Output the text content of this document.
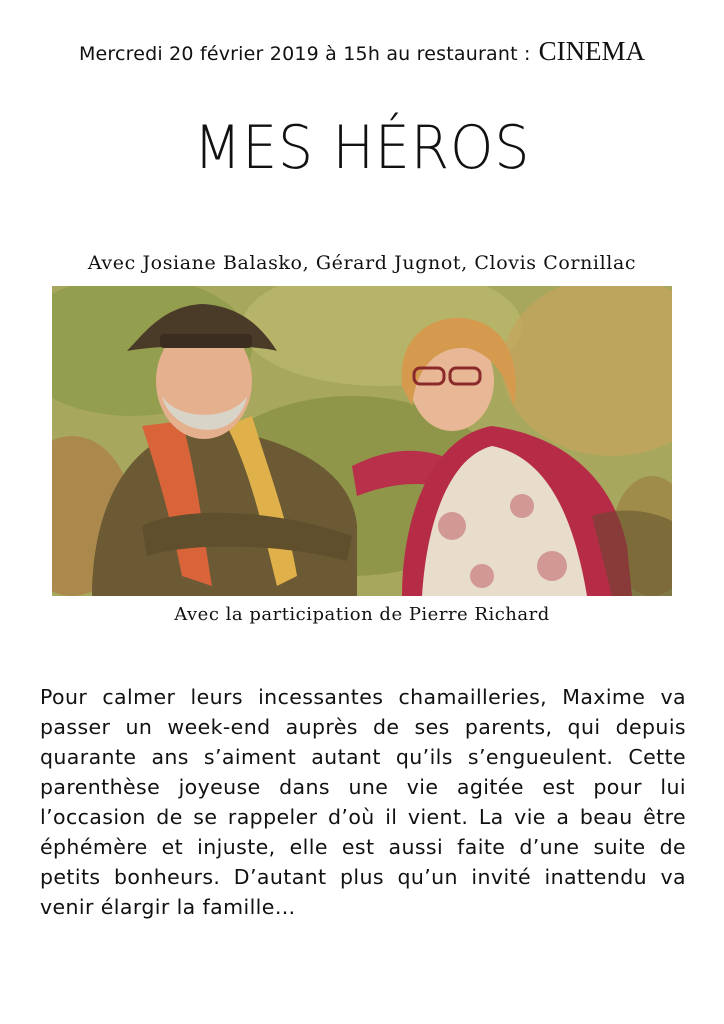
Mercredi 20 février 2019 à 15h au restaurant : CINEMA
MES HÉROS
Avec Josiane Balasko, Gérard Jugnot, Clovis Cornillac
Avec la participation de Pierre Richard

Pour calmer leurs incessantes chamailleries, Maxime va passer un week-end auprès de ses parents, qui depuis quarante ans s’aiment autant qu’ils s’engueulent. Cette parenthèse joyeuse dans une vie agitée est pour lui l’occasion de se rappeler d’où il vient. La vie a beau être éphémère et injuste, elle est aussi faite d’une suite de petits bonheurs. D’autant plus qu’un invité inattendu va venir élargir la famille…
